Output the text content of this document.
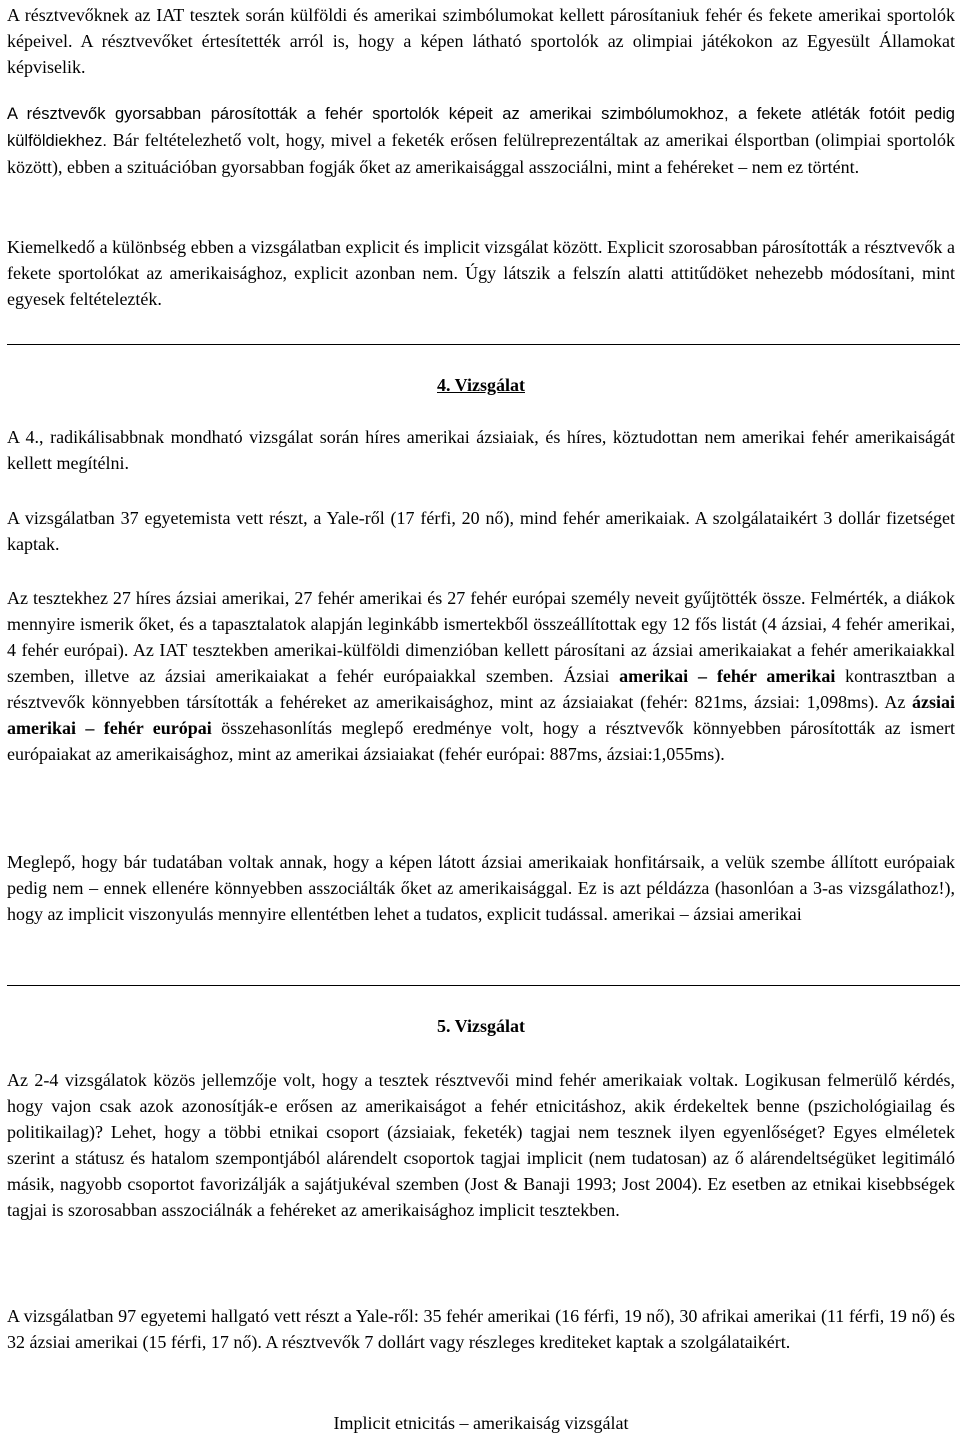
A résztvevőknek az IAT tesztek során külföldi és amerikai szimbólumokat kellett párosítaniuk fehér és fekete amerikai sportolók képeivel. A résztvevőket értesítették arról is, hogy a képen látható sportolók az olimpiai játékokon az Egyesült Államokat képviselik.

A résztvevők gyorsabban párosították a fehér sportolók képeit az amerikai szimbólumokhoz, a fekete atléták fotóit pedig külföldiekhez. Bár feltételezhető volt, hogy, mivel a feketék erősen felülreprezentáltak az amerikai élsportban (olimpiai sportolók között), ebben a szituációban gyorsabban fogják őket az amerikaisággal asszociálni, mint a fehéreket – nem ez történt.

Kiemelkedő a különbség ebben a vizsgálatban explicit és implicit vizsgálat között. Explicit szorosabban párosították a résztvevők a fekete sportolókat az amerikaisághoz, explicit azonban nem. Úgy látszik a felszín alatti attitűdöket nehezebb módosítani, mint egyesek feltételezték.

4. Vizsgálat

A 4., radikálisabbnak mondható vizsgálat során híres amerikai ázsiaiak, és híres, köztudottan nem amerikai fehér amerikaiságát kellett megítélni.

A vizsgálatban 37 egyetemista vett részt, a Yale-ről (17 férfi, 20 nő), mind fehér amerikaiak. A szolgálataikért 3 dollár fizetséget kaptak.

Az tesztekhez 27 híres ázsiai amerikai, 27 fehér amerikai és 27 fehér európai személy neveit gyűjtötték össze. Felmérték, a diákok mennyire ismerik őket, és a tapasztalatok alapján leginkább ismertekből összeállítottak egy 12 fős listát (4 ázsiai, 4 fehér amerikai, 4 fehér európai). Az IAT tesztekben amerikai-külföldi dimenzióban kellett párosítani az ázsiai amerikaiakat a fehér amerikaiakkal szemben, illetve az ázsiai amerikaiakat a fehér európaiakkal szemben. Ázsiai amerikai – fehér amerikai kontrasztban a résztvevők könnyebben társították a fehéreket az amerikaisághoz, mint az ázsiaiakat (fehér: 821ms, ázsiai: 1,098ms). Az ázsiai amerikai – fehér európai összehasonlítás meglepő eredménye volt, hogy a résztvevők könnyebben párosították az ismert európaiakat az amerikaisághoz, mint az amerikai ázsiaiakat (fehér európai: 887ms, ázsiai:1,055ms).

Meglepő, hogy bár tudatában voltak annak, hogy a képen látott ázsiai amerikaiak honfitársaik, a velük szembe állított európaiak pedig nem – ennek ellenére könnyebben asszociálták őket az amerikaisággal. Ez is azt példázza (hasonlóan a 3-as vizsgálathoz!), hogy az implicit viszonyulás mennyire ellentétben lehet a tudatos, explicit tudással. amerikai – ázsiai amerikai

5. Vizsgálat

Az 2-4 vizsgálatok közös jellemzője volt, hogy a tesztek résztvevői mind fehér amerikaiak voltak. Logikusan felmerülő kérdés, hogy vajon csak azok azonosítják-e erősen az amerikaiságot a fehér etnicitáshoz, akik érdekeltek benne (pszichológiailag és politikailag)? Lehet, hogy a többi etnikai csoport (ázsiaiak, feketék) tagjai nem tesznek ilyen egyenlőséget? Egyes elméletek szerint a státusz és hatalom szempontjából alárendelt csoportok tagjai implicit (nem tudatosan) az ő alárendeltségüket legitimáló másik, nagyobb csoportot favorizálják a sajátjukéval szemben (Jost & Banaji 1993; Jost 2004). Ez esetben az etnikai kisebbségek tagjai is szorosabban asszociálnák a fehéreket az amerikaisághoz implicit tesztekben.

A vizsgálatban 97 egyetemi hallgató vett részt a Yale-ről: 35 fehér amerikai (16 férfi, 19 nő), 30 afrikai amerikai (11 férfi, 19 nő) és 32 ázsiai amerikai (15 férfi, 17 nő). A résztvevők 7 dollárt vagy részleges krediteket kaptak a szolgálataikért.

Implicit etnicitás – amerikaiság vizsgálat
